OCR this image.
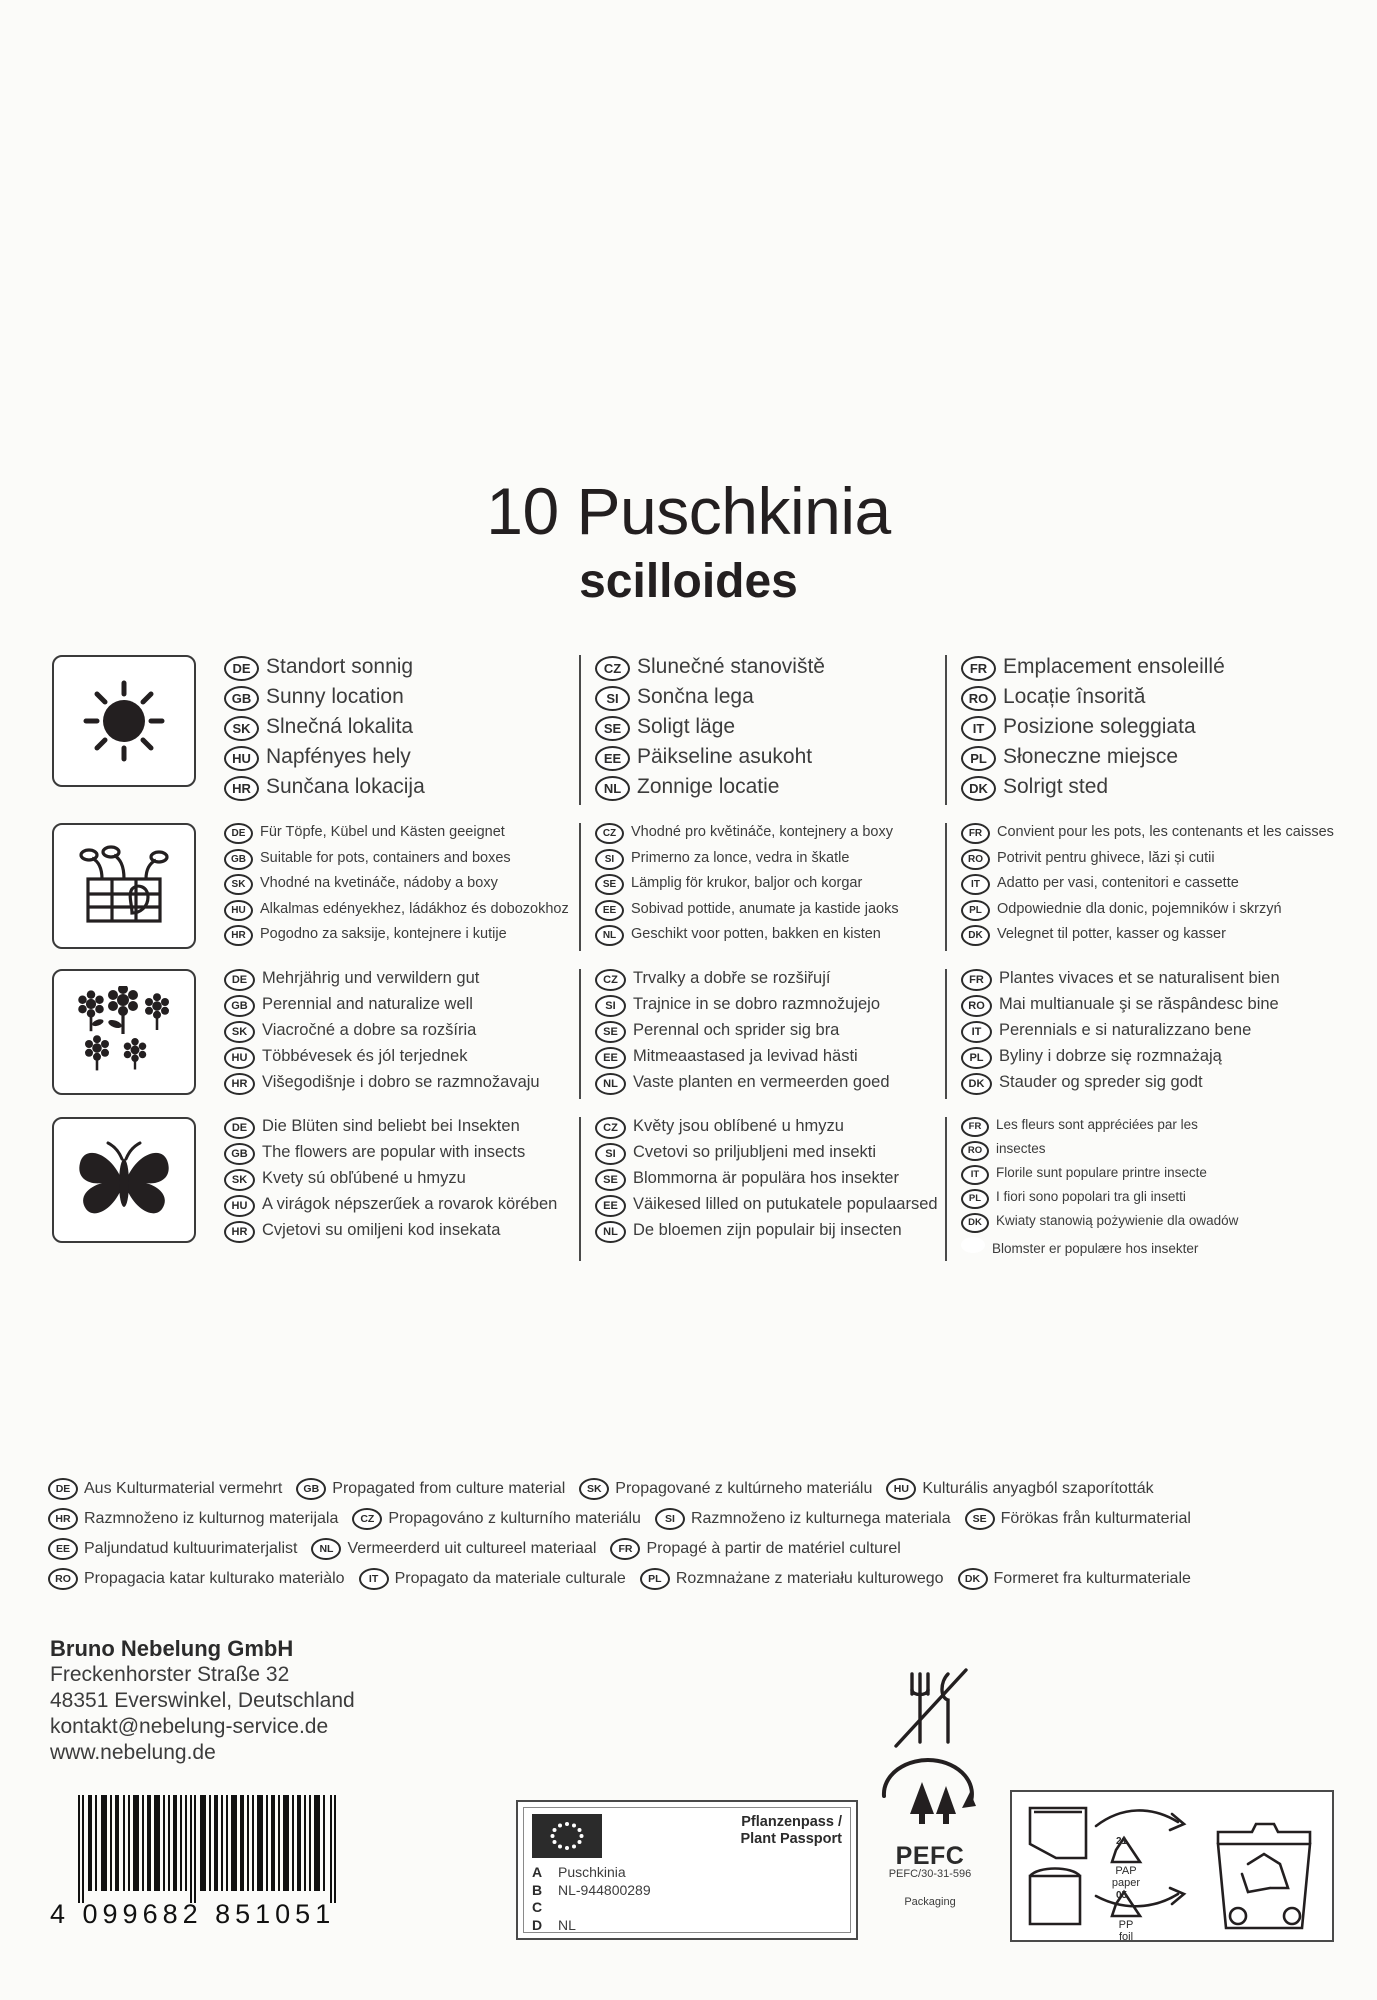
10 Puschkinia
scilloides
DE Standort sonnig
GB Sunny location
SK Slnečná lokalita
HU Napfényes hely
HR Sunčana lokacija
CZ Slunečné stanoviště
SI Sončna lega
SE Soligt läge
EE Päikseline asukoht
NL Zonnige locatie
FR Emplacement ensoleillé
RO Locație însorită
IT Posizione soleggiata
PL Słoneczne miejsce
DK Solrigt sted
DE	Für Töpfe, Kübel und Kästen geeignet
GB Suitable for pots, containers and boxes
SK	Vhodné na kvetináče, nádoby a boxy
HU Alkalmas edényekhez, ládákhoz és dobozokhoz
HR Pogodno za saksije, kontejnere i kutije
CZ	Vhodné pro květináče, kontejnery a boxy
SI	Primerno za lonce, vedra in škatle
SE	Lämplig för krukor, baljor och korgar
EE	Sobivad pottide, anumate ja kastide jaoks
NL	Geschikt voor potten, bakken en kisten
FR	Convient pour les pots, les contenants et les caisses
RO Potrivit pentru ghivece, lăzi și cutii
IT	Adatto per vasi, contenitori e cassette
PL	Odpowiednie dla donic, pojemników i skrzyń
DK Velegnet til potter, kasser og kasser
DE Mehrjährig und verwildern gut
GB Perennial and naturalize well
SK Viacročné a dobre sa rozšíria
HU Többévesek és jól terjednek
HR Višegodišnje i dobro se razmnožavaju
CZ Trvalky a dobře se rozšiřují
SI	Trajnice in se dobro razmnožujejo
SE Perennal och sprider sig bra
EE Mitmeaastased ja levivad hästi
NL Vaste planten en vermeerden goed
FR Plantes vivaces et se naturalisent bien
RO Mai multianuale şi se răspândesc bine
IT	Perennials e si naturalizzano bene
PL Byliny i dobrze się rozmnażają
DK Stauder og spreder sig godt
DE Die Blüten sind beliebt bei Insekten
GB The flowers are popular with insects
SK Kvety sú obľúbené u hmyzu
HU A virágok népszerűek a rovarok körében
HR Cvjetovi su omiljeni kod insekata
CZ Květy jsou oblíbené u hmyzu
SI	Cvetovi so priljubljeni med insekti
SE Blommorna är populära hos insekter
EE Väikesed lilled on putukatele populaarsed
NL De bloemen zijn populair bij insecten
FR	Les fleurs sont appréciées par les
RO	insectes
IT	Florile sunt populare printre insecte
PL	I fiori sono popolari tra gli insetti
DK	Kwiaty stanowią pożywienie dla owadów
Blomster er populære hos insekter
DE Aus Kulturmaterial vermehrt	GB Propagated from culture material	SK Propagované z kultúrneho materiálu	HU Kulturális anyagból szaporították
HR Razmnoženo iz kulturnog materijala	CZ Propagováno z kulturního materiálu	SI	Razmnoženo iz kulturnega materiala	SE Förökas från kulturmaterial
EE Paljundatud kultuurimaterjalist	NL Vermeerderd uit cultureel materiaal	FR Propagé à partir de matériel culturel
RO Propagacia katar kulturako materiàlo	IT	Propagato da materiale culturale	PL Rozmnażane z materiału kulturowego	DK Formeret fra kulturmateriale
Bruno Nebelung GmbH
Freckenhorster Straße 32
48351 Everswinkel, Deutschland
kontakt@nebelung-service.de
www.nebelung.de
4 099682 851051
Pflanzenpass /
Plant Passport
A	Puschkinia
B	NL-944800289
C
D	NL
PEFC
PEFC/30-31-596
Packaging
21
PAP
paper
05
PP
foil
